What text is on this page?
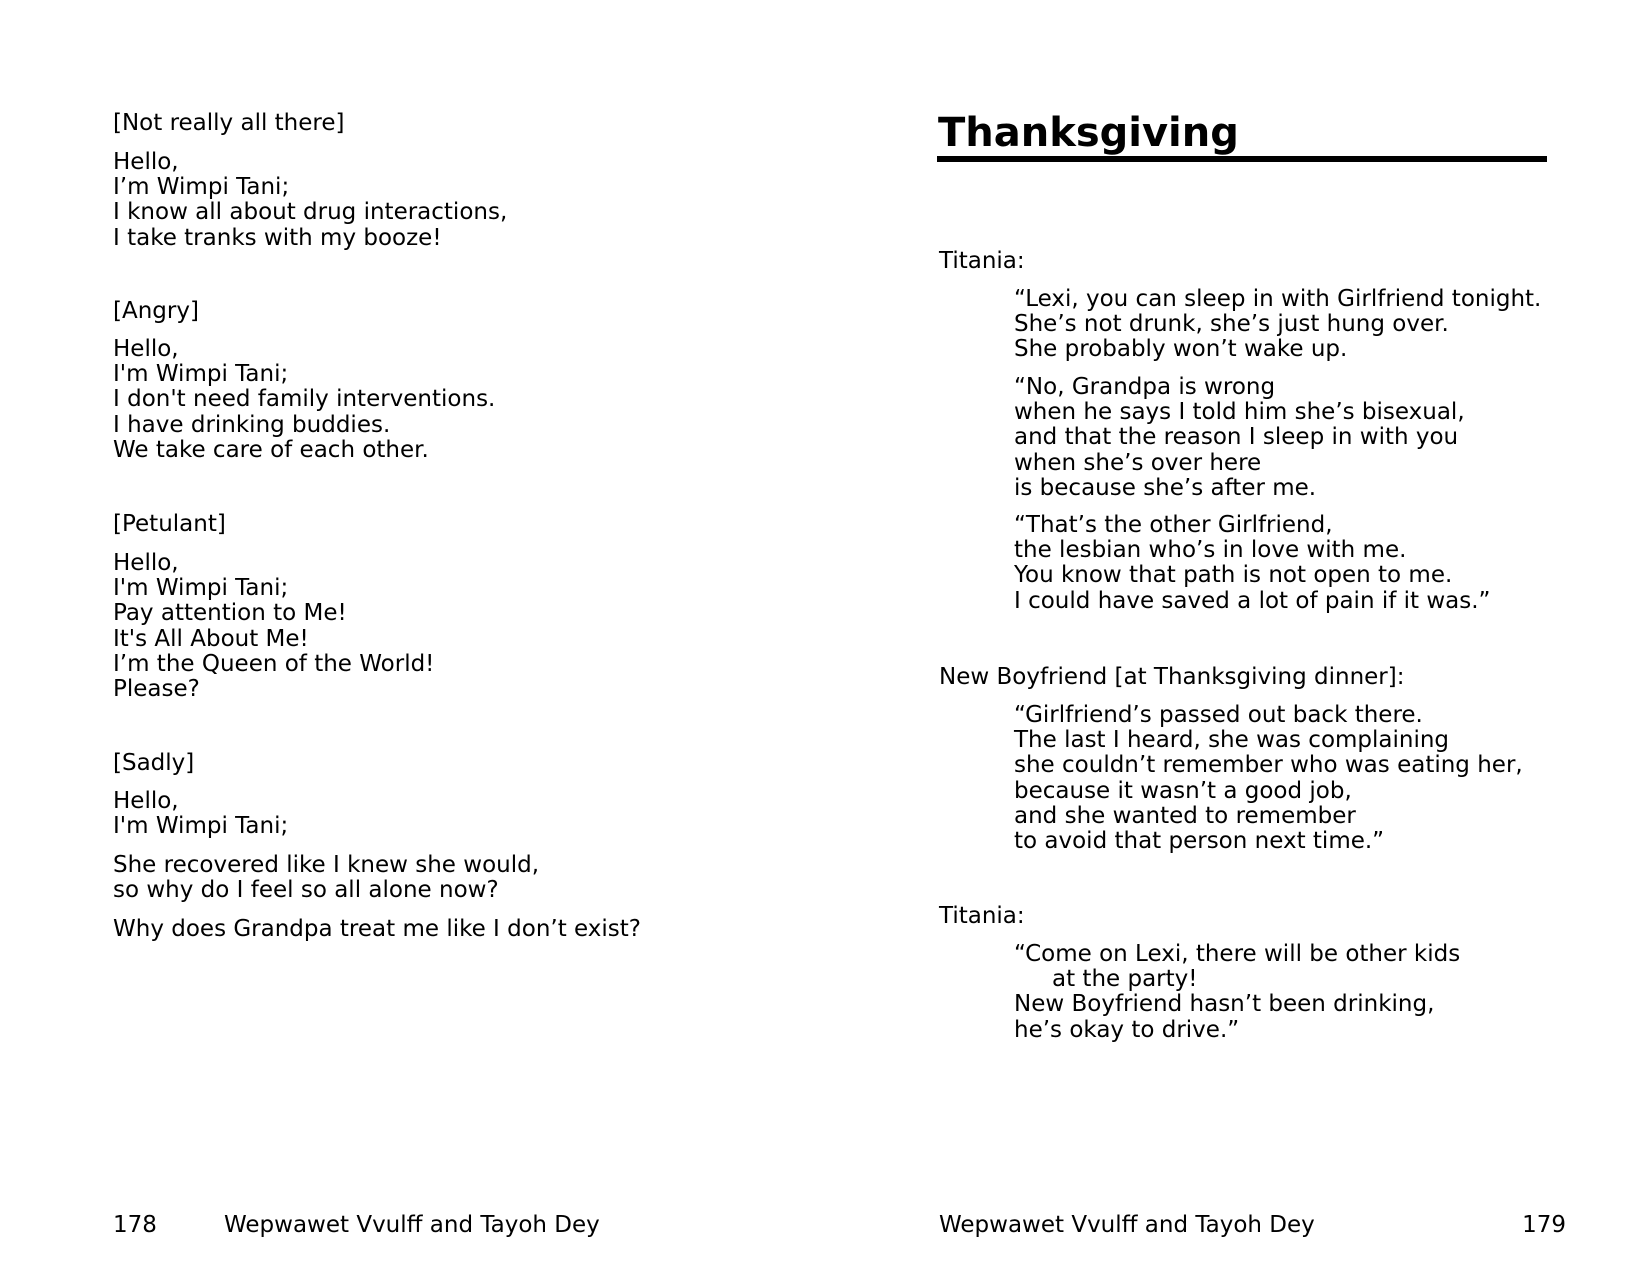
[Not really all there]
Hello,
I’m Wimpi Tani;
I know all about drug interactions,
I take tranks with my booze!
[Angry]
Hello,
I'm Wimpi Tani;
I don't need family interventions.
I have drinking buddies.
We take care of each other.
[Petulant]
Hello,
I'm Wimpi Tani;
Pay attention to Me!
It's All About Me!
I’m the Queen of the World!
Please?
[Sadly]
Hello,
I'm Wimpi Tani;
She recovered like I knew she would,
so why do I feel so all alone now?
Why does Grandpa treat me like I don’t exist?
178	Wepwawet Vvulff and Tayoh Dey
Thanksgiving
Titania:
“Lexi, you can sleep in with Girlfriend tonight.
She’s not drunk, she’s just hung over.
She probably won’t wake up.
“No, Grandpa is wrong
when he says I told him she’s bisexual,
and that the reason I sleep in with you
when she’s over here
is because she’s after me.
“That’s the other Girlfriend,
the lesbian who’s in love with me.
You know that path is not open to me.
I could have saved a lot of pain if it was.”
New Boyfriend [at Thanksgiving dinner]:
“Girlfriend’s passed out back there.
The last I heard, she was complaining
she couldn’t remember who was eating her,
because it wasn’t a good job,
and she wanted to remember
to avoid that person next time.”
Titania:
“Come on Lexi, there will be other kids
at the party!
New Boyfriend hasn’t been drinking,
he’s okay to drive.”
Wepwawet Vvulff and Tayoh Dey	179
